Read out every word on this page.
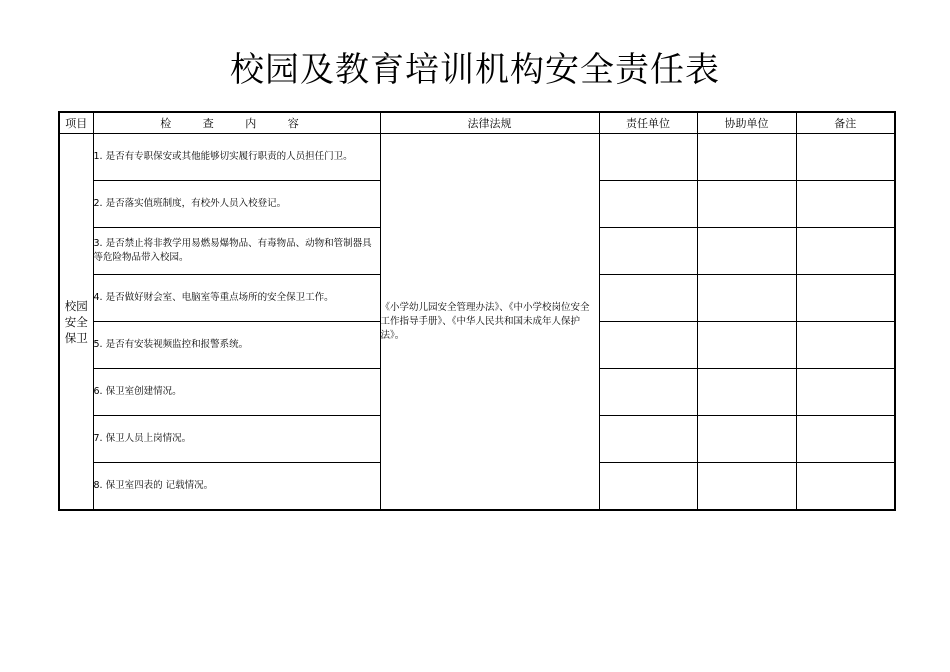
校园及教育培训机构安全责任表
项目	检 查 内 容	法律法规	责任单位	协助单位	备注
校园安全保卫	1. 是否有专职保安或其他能够切实履行职责的人员担任门卫。	《小学幼儿园安全管理办法》、《中小学校岗位安全工作指导手册》、《中华人民共和国未成年人保护法》。			
	2. 是否落实值班制度，有校外人员入校登记。				
	3. 是否禁止将非教学用易燃易爆物品、有毒物品、动物和管制器具等危险物品带入校园。				
	4. 是否做好财会室、电脑室等重点场所的安全保卫工作。				
	5. 是否有安装视频监控和报警系统。				
	6. 保卫室创建情况。				
	7. 保卫人员上岗情况。				
	8. 保卫室四表的 记载情况。				
